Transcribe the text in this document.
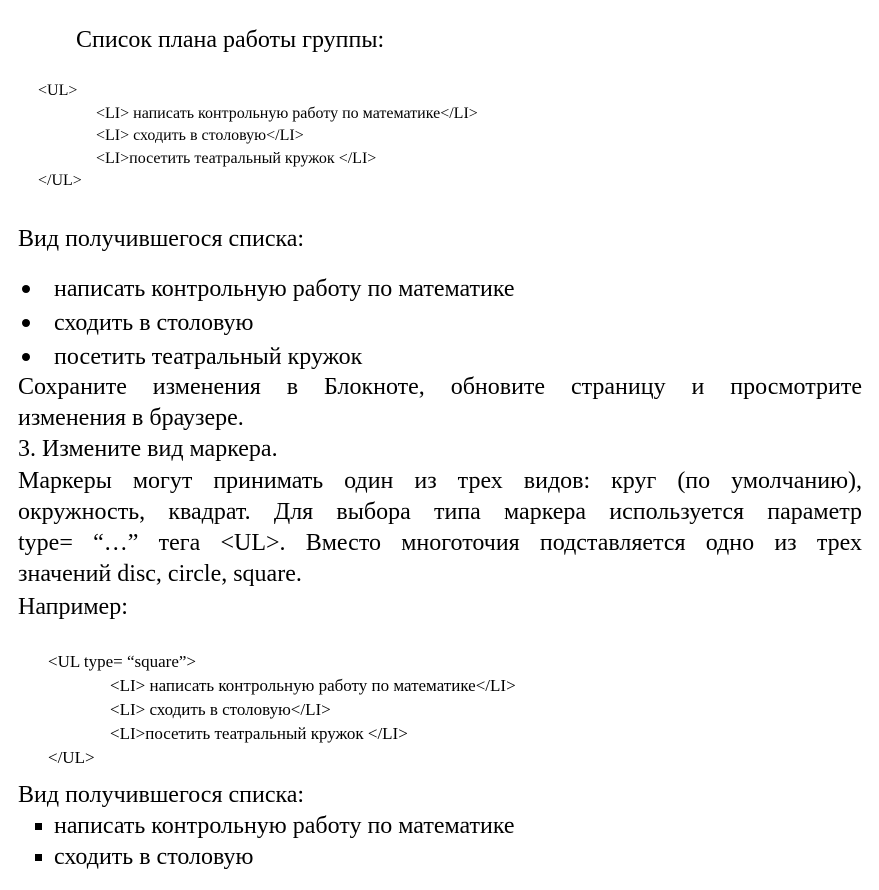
Список плана работы группы:
<UL>
<LI> написать контрольную работу по математике</LI>
<LI> сходить в столовую</LI>
<LI>посетить театральный кружок </LI>
</UL>

Вид получившегося списка:

написать контрольную работу по математике
сходить в столовую
посетить театральный кружок
Сохраните изменения в Блокноте, обновите страницу и просмотрите
изменения в браузере.

3. Измените вид маркера.

Маркеры могут принимать один из трех видов: круг (по умолчанию),
окружность, квадрат. Для выбора типа маркера используется параметр
type= “…” тега <UL>. Вместо многоточия подставляется одно из трех
значений disc, circle, square.

Например:

<UL type= “square”>
<LI> написать контрольную работу по математике</LI>
<LI> сходить в столовую</LI>
<LI>посетить театральный кружок </LI>
</UL>

Вид получившегося списка:

написать контрольную работу по математике
сходить в столовую
